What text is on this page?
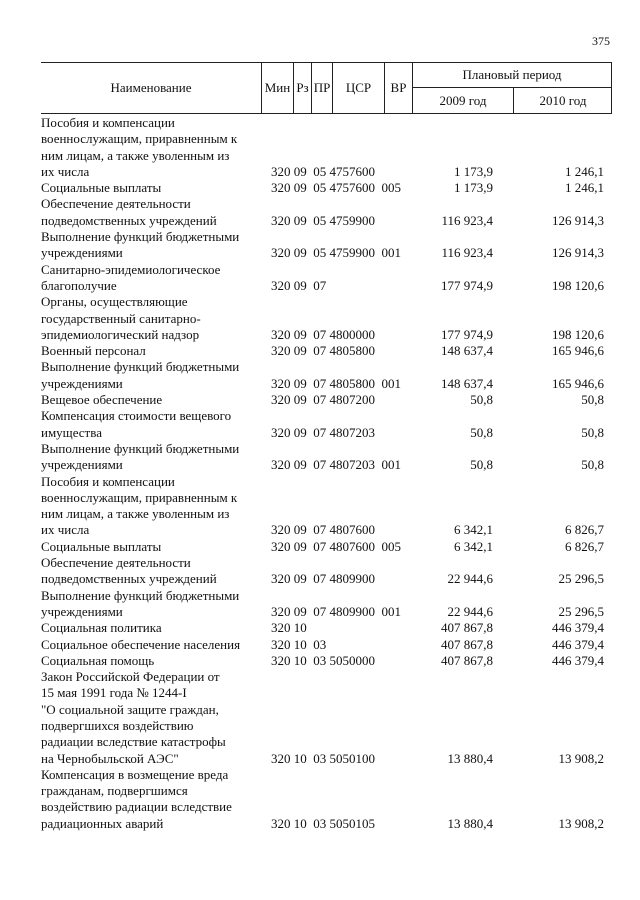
375
Наименование	Мин Рз ПР	ЦСР	ВР
Плановый период
2009 год	2010 год
Пособия и компенсации
военнослужащим, приравненным к
ним лицам, а также уволенным из
их числа	320 09  05 4757600	1 173,9	1 246,1
Социальные выплаты	320 09  05 4757600  005	1 173,9	1 246,1
Обеспечение деятельности
подведомственных учреждений	320 09  05 4759900	116 923,4	126 914,3
Выполнение функций бюджетными
учреждениями	320 09  05 4759900  001	116 923,4	126 914,3
Санитарно-эпидемиологическое
благополучие	320 09  07	177 974,9	198 120,6
Органы, осуществляющие
государственный санитарно-
эпидемиологический надзор	320 09  07 4800000	177 974,9	198 120,6
Военный персонал	320 09  07 4805800	148 637,4	165 946,6
Выполнение функций бюджетными
учреждениями	320 09  07 4805800  001	148 637,4	165 946,6
Вещевое обеспечение	320 09  07 4807200	50,8	50,8
Компенсация стоимости вещевого
имущества	320 09  07 4807203	50,8	50,8
Выполнение функций бюджетными
учреждениями	320 09  07 4807203  001	50,8	50,8
Пособия и компенсации
военнослужащим, приравненным к
ним лицам, а также уволенным из
их числа	320 09  07 4807600	6 342,1	6 826,7
Социальные выплаты	320 09  07 4807600  005	6 342,1	6 826,7
Обеспечение деятельности
подведомственных учреждений	320 09  07 4809900	22 944,6	25 296,5
Выполнение функций бюджетными
учреждениями	320 09  07 4809900  001	22 944,6	25 296,5
Социальная политика	320 10	407 867,8	446 379,4
Социальное обеспечение населения	320 10  03	407 867,8	446 379,4
Социальная помощь	320 10  03 5050000	407 867,8	446 379,4
Закон Российской Федерации от
15 мая 1991 года № 1244-I
"О социальной защите граждан,
подвергшихся воздействию
радиации вследствие катастрофы
на Чернобыльской АЭС"	320 10  03 5050100	13 880,4	13 908,2
Компенсация в возмещение вреда
гражданам, подвергшимся
воздействию радиации вследствие
радиационных аварий	320 10  03 5050105	13 880,4	13 908,2
